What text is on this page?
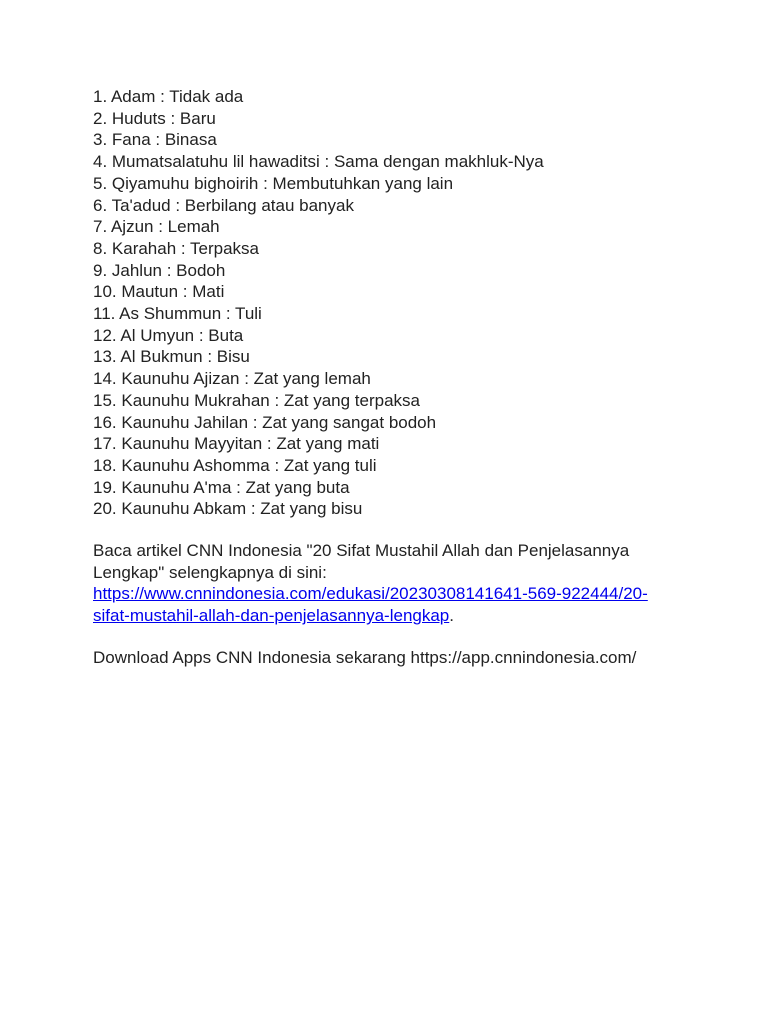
1. Adam : Tidak ada
2. Huduts : Baru
3. Fana : Binasa
4. Mumatsalatuhu lil hawaditsi : Sama dengan makhluk-Nya
5. Qiyamuhu bighoirih : Membutuhkan yang lain
6. Ta'adud : Berbilang atau banyak
7. Ajzun : Lemah
8. Karahah : Terpaksa
9. Jahlun : Bodoh
10. Mautun : Mati
11. As Shummun : Tuli
12. Al Umyun : Buta
13. Al Bukmun : Bisu
14. Kaunuhu Ajizan : Zat yang lemah
15. Kaunuhu Mukrahan : Zat yang terpaksa
16. Kaunuhu Jahilan : Zat yang sangat bodoh
17. Kaunuhu Mayyitan : Zat yang mati
18. Kaunuhu Ashomma : Zat yang tuli
19. Kaunuhu A'ma : Zat yang buta
20. Kaunuhu Abkam : Zat yang bisu

Baca artikel CNN Indonesia "20 Sifat Mustahil Allah dan Penjelasannya Lengkap" selengkapnya di sini: https://www.cnnindonesia.com/edukasi/20230308141641-569-922444/20-sifat-mustahil-allah-dan-penjelasannya-lengkap.

Download Apps CNN Indonesia sekarang https://app.cnnindonesia.com/
